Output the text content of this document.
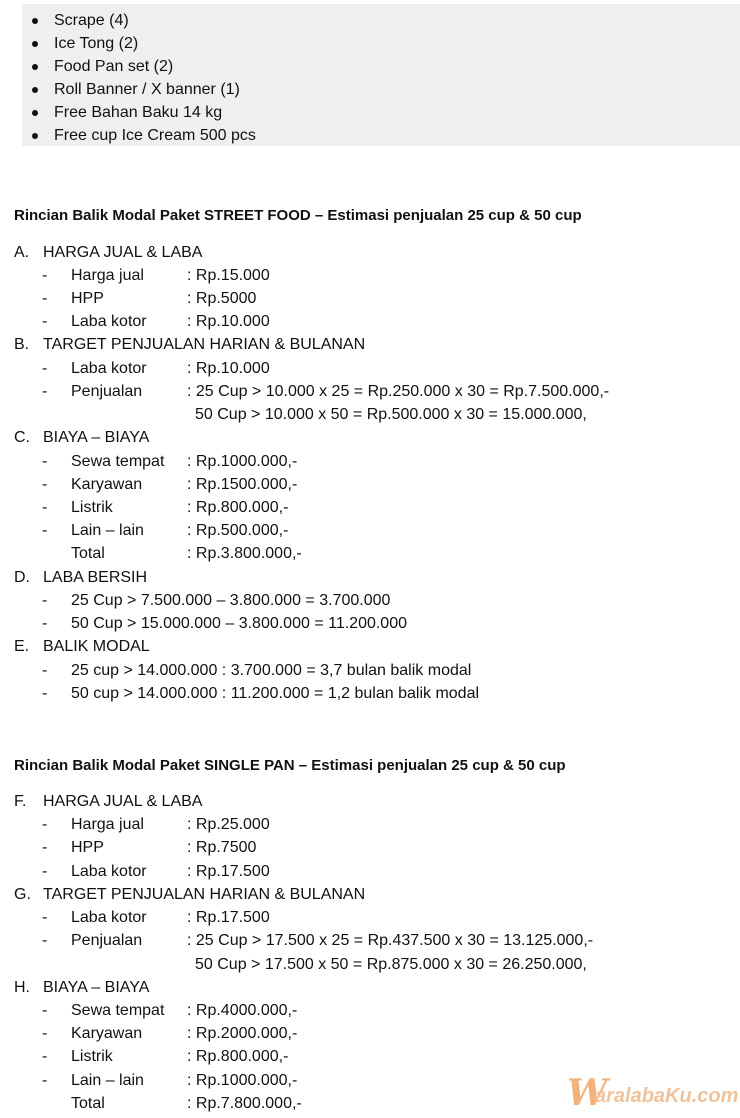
Scrape (4)
Ice Tong (2)
Food Pan set (2)
Roll Banner / X banner (1)
Free Bahan Baku 14 kg
Free cup Ice Cream 500 pcs
Rincian Balik Modal Paket STREET FOOD – Estimasi penjualan 25 cup & 50 cup
A. HARGA JUAL & LABA
- Harga jual	: Rp.15.000
- HPP	: Rp.5000
- Laba kotor	: Rp.10.000
B. TARGET PENJUALAN HARIAN & BULANAN
- Laba kotor	: Rp.10.000
- Penjualan	: 25 Cup > 10.000 x 25 = Rp.250.000 x 30 = Rp.7.500.000,-
50 Cup > 10.000 x 50 = Rp.500.000 x 30 = 15.000.000,
C. BIAYA – BIAYA
- Sewa tempat : Rp.1000.000,-
- Karyawan	: Rp.1500.000,-
- Listrik	: Rp.800.000,-
- Lain – lain	: Rp.500.000,-
Total	: Rp.3.800.000,-
D. LABA BERSIH
- 25 Cup > 7.500.000 – 3.800.000 = 3.700.000
- 50 Cup > 15.000.000 – 3.800.000 = 11.200.000
E. BALIK MODAL
- 25 cup > 14.000.000 : 3.700.000 = 3,7 bulan balik modal
- 50 cup > 14.000.000 : 11.200.000 = 1,2 bulan balik modal
Rincian Balik Modal Paket SINGLE PAN – Estimasi penjualan 25 cup & 50 cup
F. HARGA JUAL & LABA
- Harga jual	: Rp.25.000
- HPP	: Rp.7500
- Laba kotor	: Rp.17.500
G. TARGET PENJUALAN HARIAN & BULANAN
- Laba kotor	: Rp.17.500
- Penjualan	: 25 Cup > 17.500 x 25 = Rp.437.500 x 30 = 13.125.000,-
50 Cup > 17.500 x 50 = Rp.875.000 x 30 = 26.250.000,
H. BIAYA – BIAYA
- Sewa tempat : Rp.4000.000,-
- Karyawan	: Rp.2000.000,-
- Listrik	: Rp.800.000,-
- Lain – lain	: Rp.1000.000,-
Total	: Rp.7.800.000,-	W
aralabaKu.com
